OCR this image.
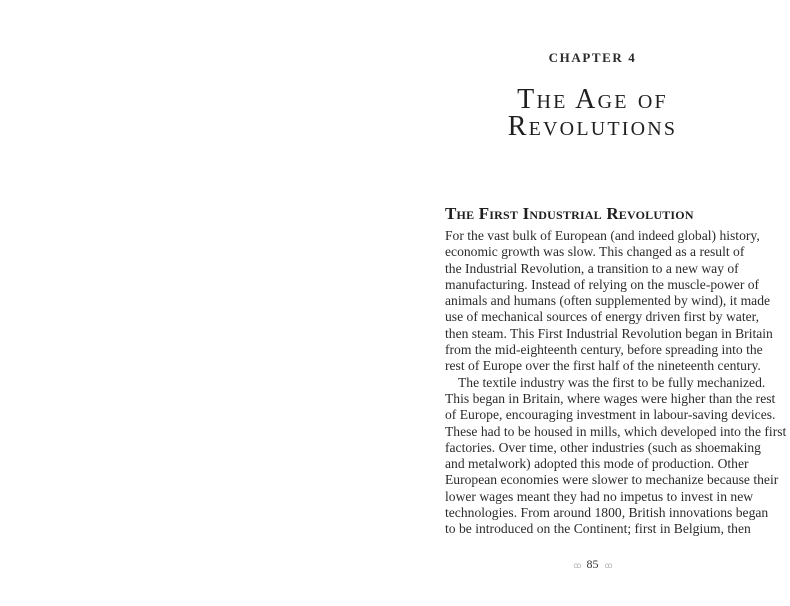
CHAPTER 4
The Age of
Revolutions
The First Industrial Revolution
For the vast bulk of European (and indeed global) history,
economic growth was slow. This changed as a result of
the Industrial Revolution, a transition to a new way of
manufacturing. Instead of relying on the muscle-power of
animals and humans (often supplemented by wind), it made
use of mechanical sources of energy driven first by water,
then steam. This First Industrial Revolution began in Britain
from the mid-eighteenth century, before spreading into the
rest of Europe over the first half of the nineteenth century.
The textile industry was the first to be fully mechanized.
This began in Britain, where wages were higher than the rest
of Europe, encouraging investment in labour-saving devices.
These had to be housed in mills, which developed into the first
factories. Over time, other industries (such as shoemaking
and metalwork) adopted this mode of production. Other
European economies were slower to mechanize because their
lower wages meant they had no impetus to invest in new
technologies. From around 1800, British innovations began
to be introduced on the Continent; first in Belgium, then
ꝏ 85 ꝏ
